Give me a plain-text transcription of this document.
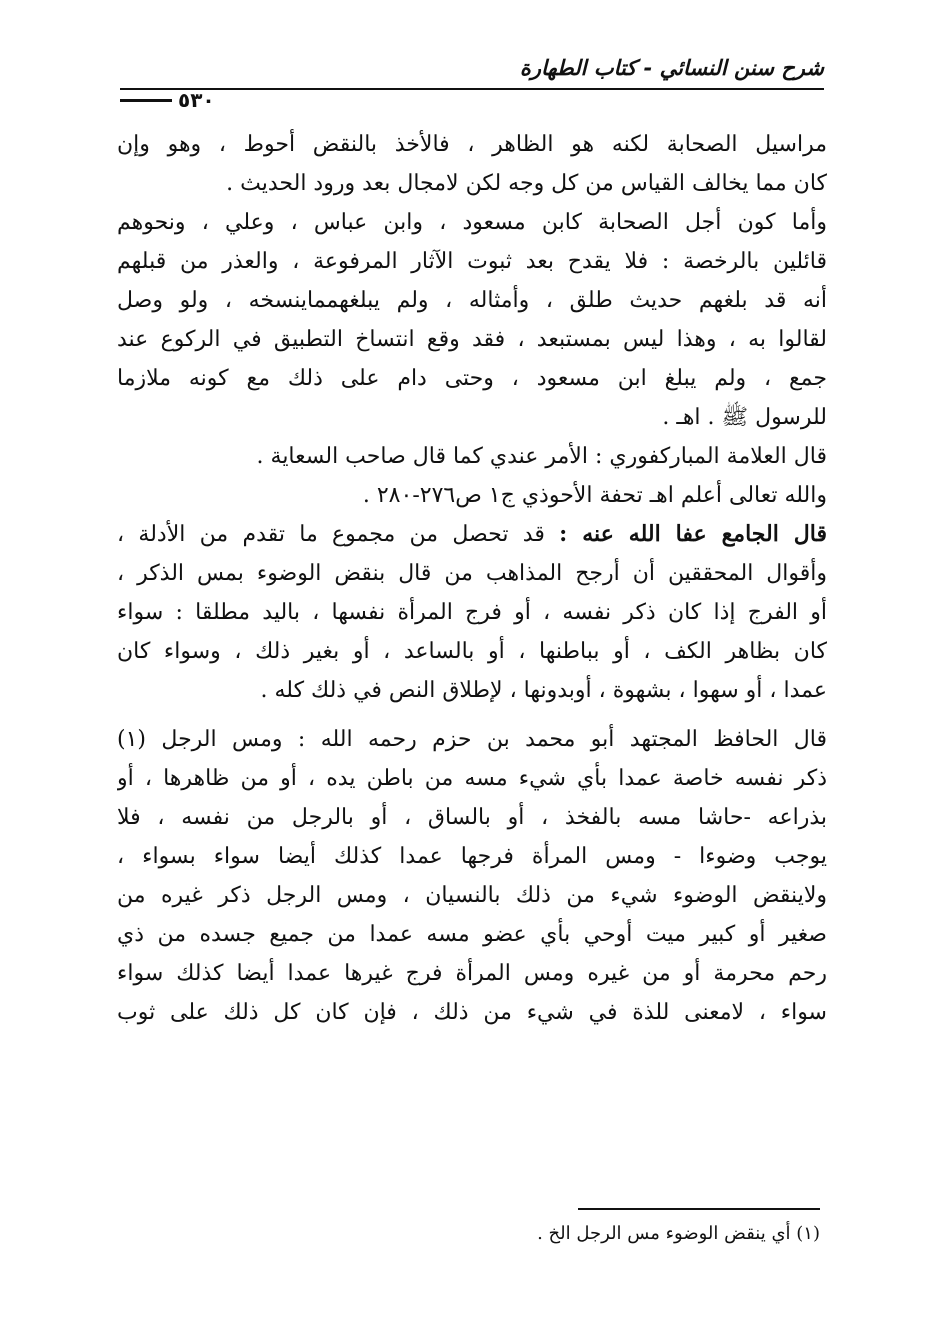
شرح سنن النسائي - كتاب الطهارة
٥٣٠
مراسيل الصحابة لكنه هو الظاهر ، فالأخذ بالنقض أحوط ، وهو وإن
كان مما يخالف القياس من كل وجه لكن لامجال بعد ورود الحديث .
وأما كون أجل الصحابة كابن مسعود ، وابن عباس ، وعلي ، ونحوهم
قائلين بالرخصة : فلا يقدح بعد ثبوت الآثار المرفوعة ، والعذر من قبلهم
أنه قد بلغهم حديث طلق ، وأمثاله ، ولم يبلغهمماينسخه ، ولو وصل
لقالوا به ، وهذا ليس بمستبعد ، فقد وقع انتساخ التطبيق في الركوع عند
جمع ، ولم يبلغ ابن مسعود ، وحتى دام على ذلك مع كونه ملازما
للرسول ﷺ . اهـ .
قال العلامة المباركفوري : الأمر عندي كما قال صاحب السعاية .
والله تعالى أعلم اهـ تحفة الأحوذي ج١ ص٢٧٦-٢٨٠ .
قال الجامع عفا الله عنه : قد تحصل من مجموع ما تقدم من الأدلة ،
وأقوال المحققين أن أرجح المذاهب من قال بنقض الوضوء بمس الذكر ،
أو الفرج إذا كان ذكر نفسه ، أو فرج المرأة نفسها ، باليد مطلقا : سواء
كان بظاهر الكف ، أو بباطنها ، أو بالساعد ، أو بغير ذلك ، وسواء كان
عمدا ، أو سهوا ، بشهوة ، أوبدونها ، لإطلاق النص في ذلك كله .
قال الحافظ المجتهد أبو محمد بن حزم رحمه الله : ومس الرجل (١)
ذكر نفسه خاصة عمدا بأي شيء مسه من باطن يده ، أو من ظاهرها ، أو
بذراعه -حاشا مسه بالفخذ ، أو بالساق ، أو بالرجل من نفسه ، فلا
يوجب وضوءا - ومس المرأة فرجها عمدا كذلك أيضا سواء بسواء ،
ولاينقض الوضوء شيء من ذلك بالنسيان ، ومس الرجل ذكر غيره من
صغير أو كبير ميت أوحي بأي عضو مسه عمدا من جميع جسده من ذي
رحم محرمة أو من غيره ومس المرأة فرج غيرها عمدا أيضا كذلك سواء
سواء ، لامعنى للذة في شيء من ذلك ، فإن كان كل ذلك على ثوب
(١) أي ينقض الوضوء مس الرجل الخ .
